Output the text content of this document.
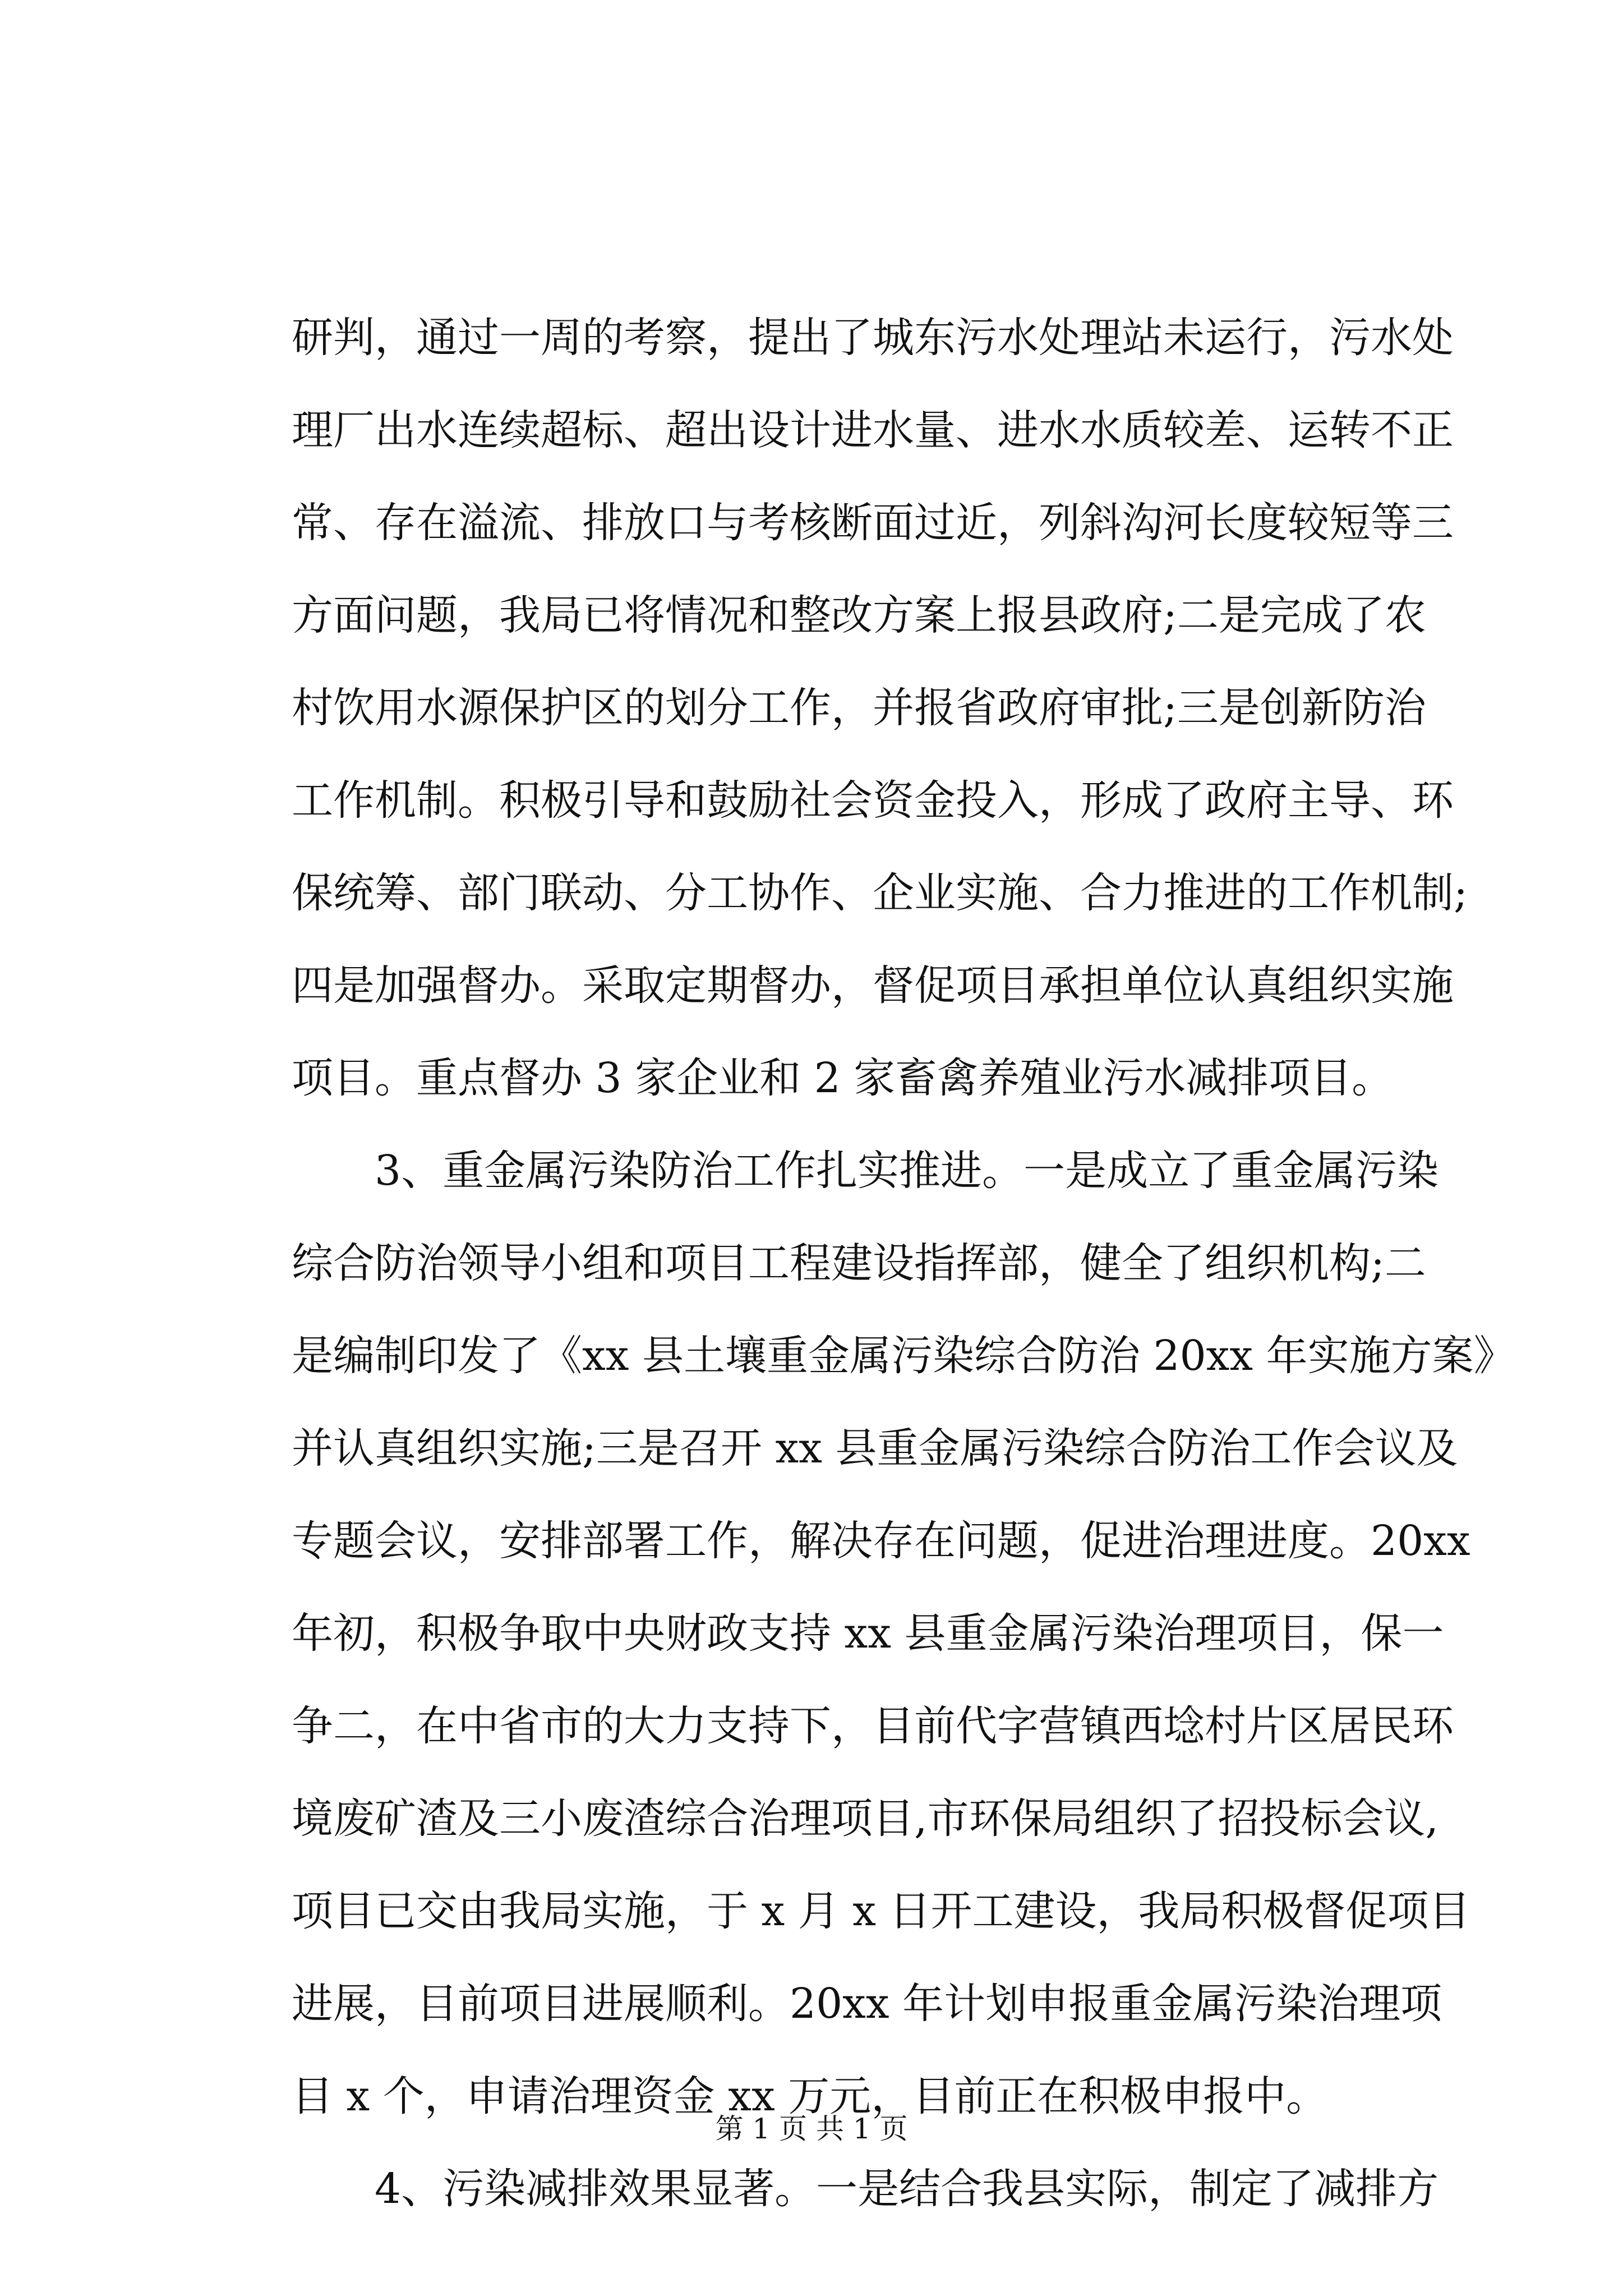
研判，通过一周的考察，提出了城东污水处理站未运行，污水处
理厂出水连续超标、超出设计进水量、进水水质较差、运转不正
常、存在溢流、排放口与考核断面过近，列斜沟河长度较短等三
方面问题，我局已将情况和整改方案上报县政府;二是完成了农
村饮用水源保护区的划分工作，并报省政府审批;三是创新防治
工作机制。积极引导和鼓励社会资金投入，形成了政府主导、环
保统筹、部门联动、分工协作、企业实施、合力推进的工作机制;
四是加强督办。采取定期督办，督促项目承担单位认真组织实施
项目。重点督办 3 家企业和 2 家畜禽养殖业污水减排项目。
　　3、重金属污染防治工作扎实推进。一是成立了重金属污染
综合防治领导小组和项目工程建设指挥部，健全了组织机构;二
是编制印发了《xx 县土壤重金属污染综合防治 20xx 年实施方案》
并认真组织实施;三是召开 xx 县重金属污染综合防治工作会议及
专题会议，安排部署工作，解决存在问题，促进治理进度。20xx
年初，积极争取中央财政支持 xx 县重金属污染治理项目，保一
争二，在中省市的大力支持下，目前代字营镇西埝村片区居民环
境废矿渣及三小废渣综合治理项目,市环保局组织了招投标会议,
项目已交由我局实施，于 x 月 x 日开工建设，我局积极督促项目
进展，目前项目进展顺利。20xx 年计划申报重金属污染治理项
目 x 个，申请治理资金 xx 万元，目前正在积极申报中。
　　4、污染减排效果显著。一是结合我县实际，制定了减排方
第 1 页 共 1 页
